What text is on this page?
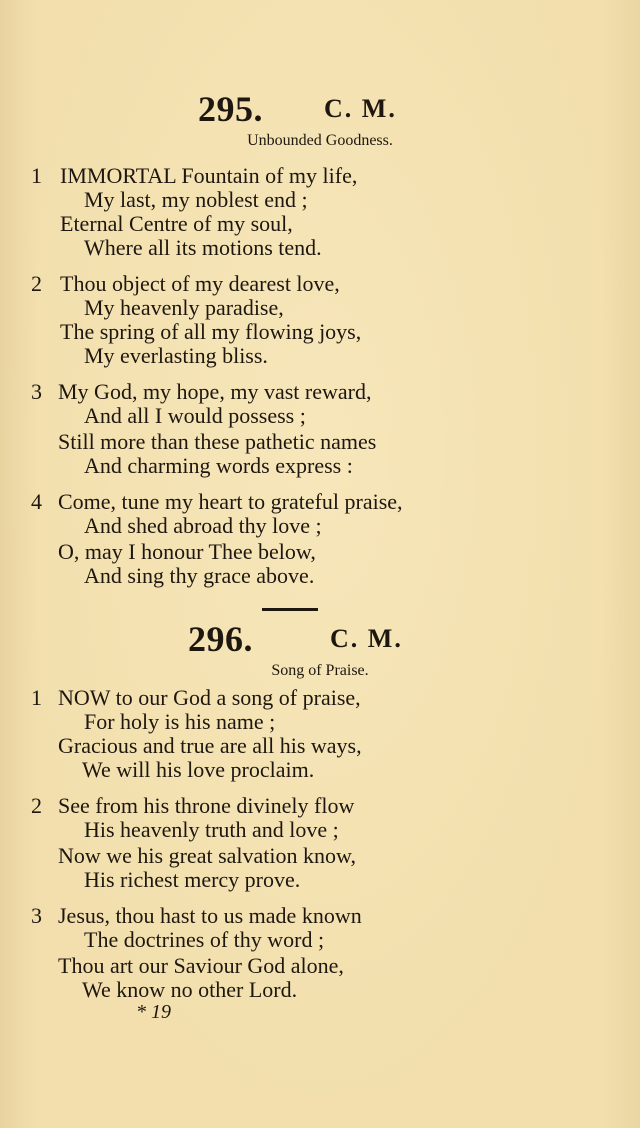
295. C. M.
Unbounded Goodness.
1 IMMORTAL Fountain of my life,
My last, my noblest end ;
Eternal Centre of my soul,
Where all its motions tend.
2 Thou object of my dearest love,
My heavenly paradise,
The spring of all my flowing joys,
My everlasting bliss.
3 My God, my hope, my vast reward,
And all I would possess ;
Still more than these pathetic names
And charming words express :
4 Come, tune my heart to grateful praise,
And shed abroad thy love ;
O, may I honour Thee below,
And sing thy grace above.
296.	C. M.
Song of Praise.
1 NOW to our God a song of praise,
For holy is his name ;
Gracious and true are all his ways,
We will his love proclaim.
2 See from his throne divinely flow
His heavenly truth and love ;
Now we his great salvation know,
His richest mercy prove.
3 Jesus, thou hast to us made known
The doctrines of thy word ;
Thou art our Saviour God alone,
We know no other Lord.
* 19
